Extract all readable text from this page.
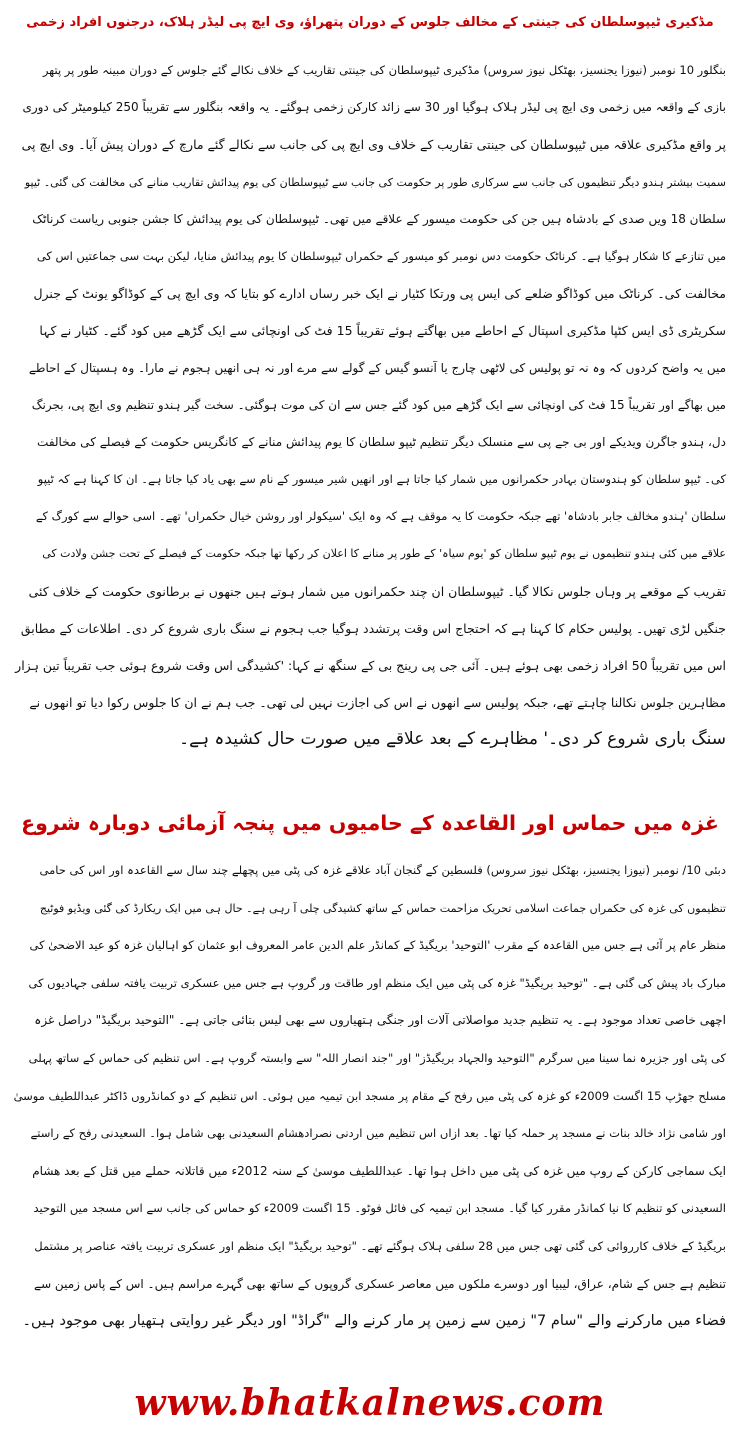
مڈکیری ٹیپوسلطان کی جینتی کے مخالف جلوس کے دوران پتھراؤ، وی ایچ پی لیڈر ہلاک، درجنوں افراد زخمی
بنگلور 10 نومبر (نیوزا یجنسیز، بھٹکل نیوز سروس) مڈکیری ٹیپوسلطان کی جینتی تقاریب کے خلاف نکالے گئے جلوس کے دوران مبینہ طور پر پتھر
بازی کے واقعہ میں زخمی وی ایچ پی لیڈر ہلاک ہوگیا اور 30 سے زائد کارکن زخمی ہوگئے۔ یہ واقعہ بنگلور سے تقریباً 250 کیلومیٹر کی دوری
پر واقع مڈکیری علاقہ میں ٹیپوسلطان کی جینتی تقاریب کے خلاف وی ایچ پی کی جانب سے نکالے گئے مارچ کے دوران پیش آیا۔ وی ایچ پی
سمیت بیشتر ہندو دیگر تنظیموں کی جانب سے سرکاری طور پر حکومت کی جانب سے ٹیپوسلطان کی یوم پیدائش تقاریب منانے کی مخالفت کی گئی۔ ٹیپو
سلطان 18 ویں صدی کے بادشاہ ہیں جن کی حکومت میسور کے علاقے میں تھی۔ ٹیپوسلطان کی یوم پیدائش کا جشن جنوبی ریاست کرناٹک
میں تنازعے کا شکار ہوگیا ہے۔ کرناٹک حکومت دس نومبر کو میسور کے حکمراں ٹیپوسلطان کا یوم پیدائش منایا، لیکن بہت سی جماعتیں اس کی
مخالفت کی۔ کرناٹک میں کوڈاگو ضلعے کی ایس پی ورتکا کٹیار نے ایک خبر رساں ادارے کو بتایا کہ وی ایچ پی کے کوڈاگو یونٹ کے جنرل
سکریٹری ڈی ایس کٹپا مڈکیری اسپتال کے احاطے میں بھاگتے ہوئے تقریباً 15 فٹ کی اونچائی سے ایک گڑھے میں کود گئے۔ کٹیار نے کہا
میں یہ واضح کردوں کہ وہ نہ تو پولیس کی لاٹھی چارج یا آنسو گیس کے گولے سے مرے اور نہ ہی انھیں ہجوم نے مارا۔ وہ ہسپتال کے احاطے
میں بھاگے اور تقریباً 15 فٹ کی اونچائی سے ایک گڑھے میں کود گئے جس سے ان کی موت ہوگئی۔ سخت گیر ہندو تنظیم وی ایچ پی، بجرنگ
دل، ہندو جاگرن ویدیکے اور بی جے پی سے منسلک دیگر تنظیم ٹیپو سلطان کا یوم پیدائش منانے کے کانگریس حکومت کے فیصلے کی مخالفت
کی۔ ٹیپو سلطان کو ہندوستان بہادر حکمرانوں میں شمار کیا جاتا ہے اور انھیں شیر میسور کے نام سے بھی یاد کیا جاتا ہے۔ ان کا کہنا ہے کہ ٹیپو
سلطان 'ہندو مخالف جابر بادشاہ' تھے جبکہ حکومت کا یہ موقف ہے کہ وہ ایک 'سیکولر اور روشن خیال حکمراں' تھے۔ اسی حوالے سے کورگ کے
علاقے میں کئی ہندو تنظیموں نے یوم ٹیپو سلطان کو 'یوم سیاہ' کے طور پر منانے کا اعلان کر رکھا تھا جبکہ حکومت کے فیصلے کے تحت جشن ولادت کی
تقریب کے موقعے پر وہاں جلوس نکالا گیا۔ ٹیپوسلطان ان چند حکمرانوں میں شمار ہوتے ہیں جنھوں نے برطانوی حکومت کے خلاف کئی
جنگیں لڑی تھیں۔ پولیس حکام کا کہنا ہے کہ احتجاج اس وقت پرتشدد ہوگیا جب ہجوم نے سنگ باری شروع کر دی۔ اطلاعات کے مطابق
اس میں تقریباً 50 افراد زخمی بھی ہوئے ہیں۔ آئی جی پی رینج بی کے سنگھ نے کہا: 'کشیدگی اس وقت شروع ہوئی جب تقریباً تین ہزار
مظاہرین جلوس نکالنا چاہتے تھے، جبکہ پولیس سے انھوں نے اس کی اجازت نہیں لی تھی۔ جب ہم نے ان کا جلوس رکوا دیا تو انھوں نے
سنگ باری شروع کر دی۔' مظاہرے کے بعد علاقے میں صورت حال کشیدہ ہے۔
غزہ میں حماس اور القاعدہ کے حامیوں میں پنجہ آزمائی دوبارہ شروع
دبئی 10/ نومبر (نیوزا یجنسیز، بھٹکل نیوز سروس) فلسطین کے گنجان آباد علاقے غزہ کی پٹی میں پچھلے چند سال سے القاعدہ اور اس کی حامی
تنظیموں کی غزہ کی حکمراں جماعت اسلامی تحریک مزاحمت حماس کے ساتھ کشیدگی چلی آ رہی ہے۔ حال ہی میں ایک ریکارڈ کی گئی ویڈیو فوٹیج
منظر عام پر آئی ہے جس میں القاعدہ کے مقرب 'التوحید' بریگیڈ کے کمانڈر علم الدین عامر المعروف ابو عثمان کو اہالیان غزہ کو عید الاضحیٰ کی
مبارک باد پیش کی گئی ہے۔ "توحید بریگیڈ" غزہ کی پٹی میں ایک منظم اور طاقت ور گروپ ہے جس میں عسکری تربیت یافتہ سلفی جہادیوں کی
اچھی خاصی تعداد موجود ہے۔ یہ تنظیم جدید مواصلاتی آلات اور جنگی ہتھیاروں سے بھی لیس بتائی جاتی ہے۔ "التوحید بریگیڈ" دراصل غزہ
کی پٹی اور جزیرہ نما سینا میں سرگرم "التوحید والجہاد بریگیڈز" اور "جند انصار اللہ" سے وابستہ گروپ ہے۔ اس تنظیم کی حماس کے ساتھ پہلی
مسلح جھڑپ 15 اگست 2009ء کو غزہ کی پٹی میں رفح کے مقام پر مسجد ابن تیمیہ میں ہوئی۔ اس تنظیم کے دو کمانڈروں ڈاکٹر عبداللطیف موسیٰ
اور شامی نژاد خالد بنات نے مسجد پر حملہ کیا تھا۔ بعد ازاں اس تنظیم میں اردنی نصرادھشام السعیدنی بھی شامل ہوا۔ السعیدنی رفح کے راستے
ایک سماجی کارکن کے روپ میں غزہ کی پٹی میں داخل ہوا تھا۔ عبداللطیف موسیٰ کے سنہ 2012ء میں قاتلانہ حملے میں قتل کے بعد ھشام
السعیدنی کو تنظیم کا نیا کمانڈر مقرر کیا گیا۔ مسجد ابن تیمیہ کی فائل فوٹو۔ 15 اگست 2009ء کو حماس کی جانب سے اس مسجد میں التوحید
بریگیڈ کے خلاف کارروائی کی گئی تھی جس میں 28 سلفی ہلاک ہوگئے تھے۔ "توحید بریگیڈ" ایک منظم اور عسکری تربیت یافتہ عناصر پر مشتمل
تنظیم ہے جس کے شام، عراق، لیبیا اور دوسرے ملکوں میں معاصر عسکری گروپوں کے ساتھ بھی گہرے مراسم ہیں۔ اس کے پاس زمین سے
فضاء میں مارکرنے والے "سام 7" زمین سے زمین پر مار کرنے والے "گراڈ" اور دیگر غیر روایتی ہتھیار بھی موجود ہیں۔
www.bhatkalnews.com
